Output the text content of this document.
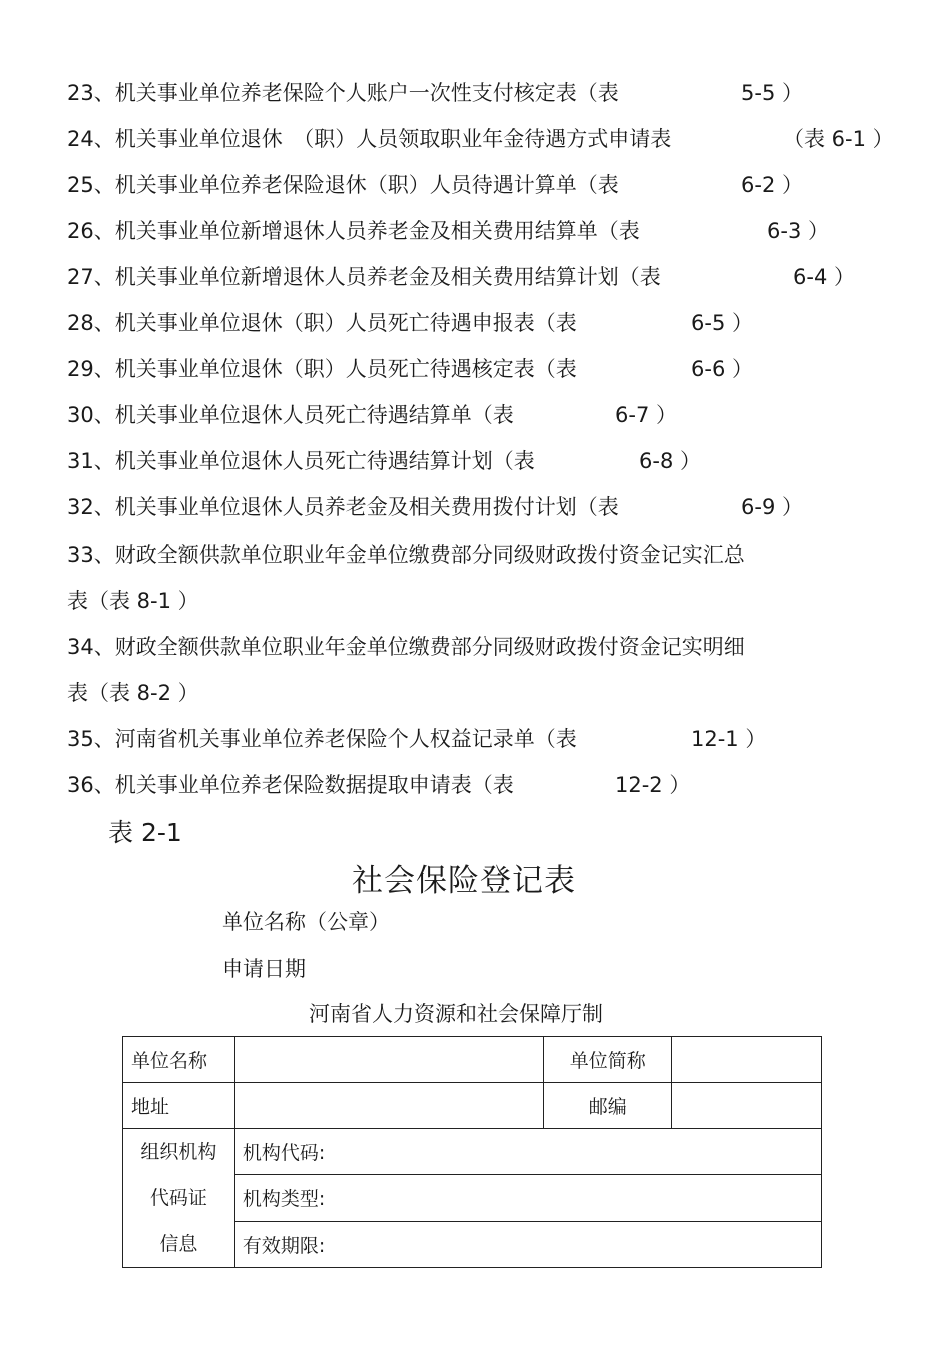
23、机关事业单位养老保险个人账户一次性支付核定表（表	5-5 ）
24、机关事业单位退休　（职）人员领取职业年金待遇方式申请表	（表 6-1 ）
25、机关事业单位养老保险退休（职）人员待遇计算单（表	6-2 ）
26、机关事业单位新增退休人员养老金及相关费用结算单（表	6-3 ）
27、机关事业单位新增退休人员养老金及相关费用结算计划（表	6-4 ）
28、机关事业单位退休（职）人员死亡待遇申报表（表	6-5 ）
29、机关事业单位退休（职）人员死亡待遇核定表（表	6-6 ）
30、机关事业单位退休人员死亡待遇结算单（表	6-7 ）
31、机关事业单位退休人员死亡待遇结算计划（表	6-8 ）
32、机关事业单位退休人员养老金及相关费用拨付计划（表	6-9 ）
33、财政全额供款单位职业年金单位缴费部分同级财政拨付资金记实汇总
表（表 8-1 ）
34、财政全额供款单位职业年金单位缴费部分同级财政拨付资金记实明细
表（表 8-2 ）
35、河南省机关事业单位养老保险个人权益记录单（表	12-1 ）
36、机关事业单位养老保险数据提取申请表（表	12-2 ）
表 2-1
社会保险登记表
单位名称（公章）
申请日期
河南省人力资源和社会保障厅制
单位名称		单位简称	
地址		邮编	

组织机构
代码证
信息	机构代码:		
	机构类型:		
	有效期限:		
